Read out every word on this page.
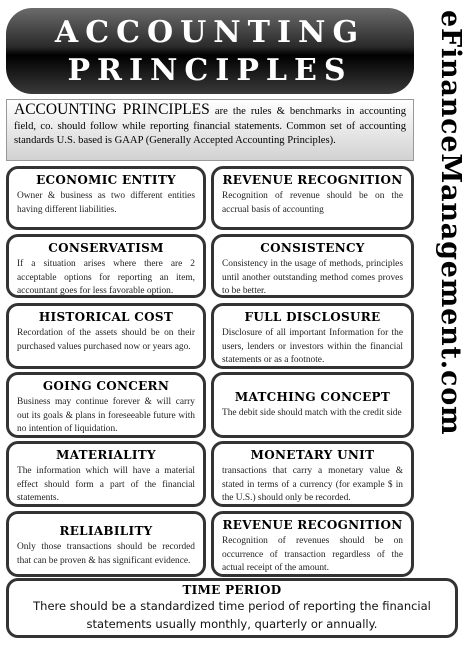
ACCOUNTING
PRINCIPLES
ACCOUNTING PRINCIPLES are the rules & benchmarks in accounting field, co. should follow while reporting financial statements. Common set of accounting standards U.S. based is GAAP (Generally Accepted Accounting Principles).	eFinanceManagement.com
ECONOMIC ENTITY
Owner & business as two different entities having different liabilities.
REVENUE RECOGNITION
Recognition of revenue should be on the accrual basis of accounting
CONSERVATISM
If a situation arises where there are 2 acceptable options for reporting an item, accountant goes for less favorable option.
CONSISTENCY
Consistency in the usage of methods, principles until another outstanding method comes proves to be better.
HISTORICAL COST
Recordation of the assets should be on their purchased values purchased now or years ago.
FULL DISCLOSURE
Disclosure of all important Information for the users, lenders or investors within the financial statements or as a footnote.
GOING CONCERN
Business may continue forever & will carry out its goals & plans in foreseeable future with no intention of liquidation.
MATCHING CONCEPT
The debit side should match with the credit side
MATERIALITY
The information which will have a material effect should form a part of the financial statements.
MONETARY UNIT
transactions that carry a monetary value & stated in terms of a currency (for example $ in the U.S.) should only be recorded.
RELIABILITY
Only those transactions should be recorded that can be proven & has significant evidence.
REVENUE RECOGNITION
Recognition of revenues should be on occurrence of transaction regardless of the actual receipt of the amount.
TIME PERIOD
There should be a standardized time period of reporting the financial statements usually monthly, quarterly or annually.
